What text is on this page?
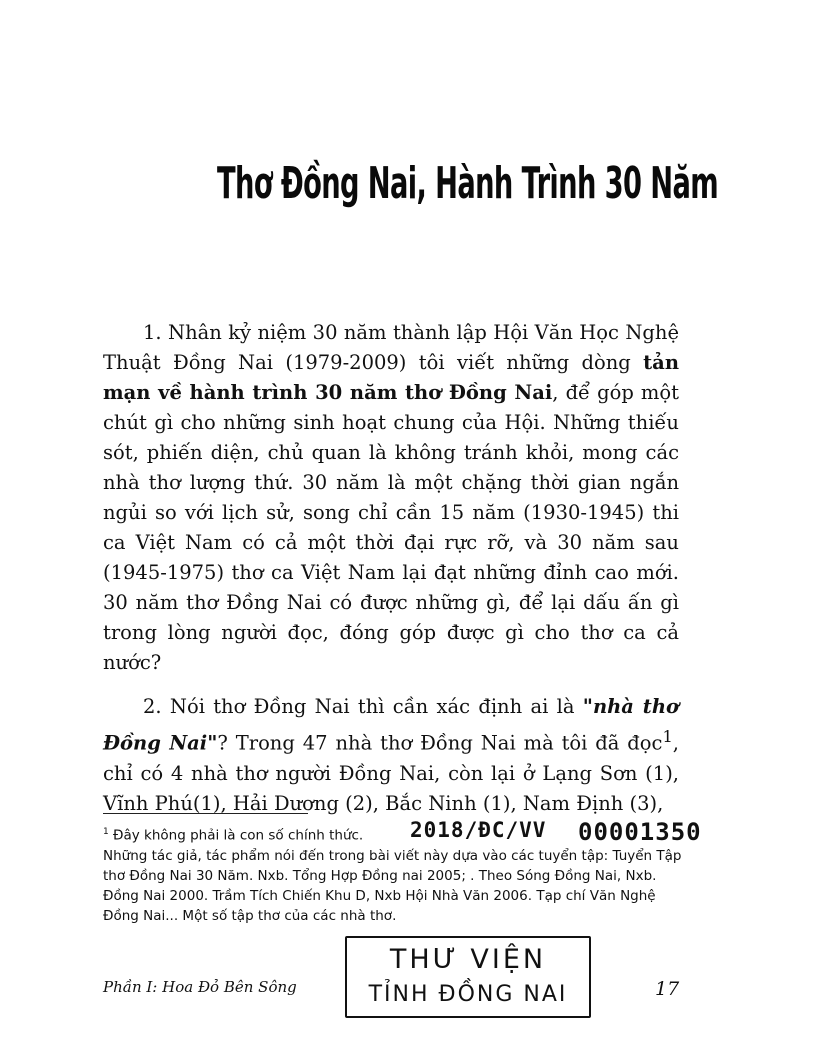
Thơ Đồng Nai, Hành Trình 30 Năm

1. Nhân kỷ niệm 30 năm thành lập Hội Văn Học Nghệ Thuật Đồng Nai (1979-2009) tôi viết những dòng tản mạn về hành trình 30 năm thơ Đồng Nai, để góp một chút gì cho những sinh hoạt chung của Hội. Những thiếu sót, phiến diện, chủ quan là không tránh khỏi, mong các nhà thơ lượng thứ. 30 năm là một chặng thời gian ngắn ngủi so với lịch sử, song chỉ cần 15 năm (1930-1945) thi ca Việt Nam có cả một thời đại rực rỡ, và 30 năm sau (1945-1975) thơ ca Việt Nam lại đạt những đỉnh cao mới. 30 năm thơ Đồng Nai có được những gì, để lại dấu ấn gì trong lòng người đọc, đóng góp được gì cho thơ ca cả nước?

2. Nói thơ Đồng Nai thì cần xác định ai là "nhà thơ Đồng Nai"? Trong 47 nhà thơ Đồng Nai mà tôi đã đọc$^1$, chỉ có 4 nhà thơ người Đồng Nai, còn lại ở Lạng Sơn (1), Vĩnh Phú(1), Hải Dương (2), Bắc Ninh (1), Nam Định (3),

$^1$ Đây không phải là con số chính thức.
Những tác giả, tác phẩm nói đến trong bài viết này dựa vào các tuyển tập: Tuyển Tập thơ Đồng Nai 30 Năm. Nxb. Tổng Hợp Đồng nai 2005; . Theo Sóng Đồng Nai, Nxb. Đồng Nai 2000. Trầm Tích Chiến Khu D, Nxb Hội Nhà Văn 2006. Tạp chí Văn Nghệ Đồng Nai... Một số tập thơ của các nhà thơ.
2018/ĐC/VV 00001350
THƯ VIỆN
TỈNH ĐỒNG NAI
Phần I: Hoa Đỏ Bên Sông	17
